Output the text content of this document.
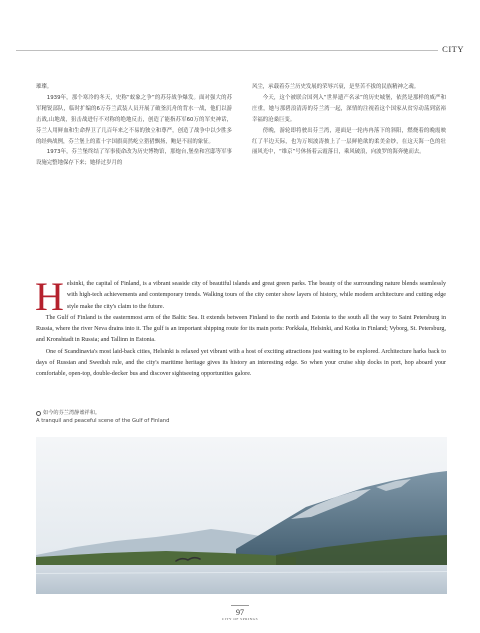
CITY

璀璨。

1939年，那个寒冷的冬天，史称“蚁象之争”的苏芬战争爆发。面对强大的苏军精锐部队，临时扩编的6万芬兰武装人员开展了破釜沉舟的背水一战，他们以游击战,山地战，狙击战进行不对称的绝地反击，创造了能指苏军60万的军史神话，芬兰人用鲜血和生命捍卫了几百年来之不易的独立和尊严，创造了战争中以少胜多的经典战例，芬兰堡上的蓝十字国旗高然屹立猎猎飘扬，鲍是不屈的象征。

1973年，芬兰堡终结了军事使命改为历史博物馆，那炮台,堡垒和宫邸等军事设施完整地保存下来；她择过岁月的

风尘，承载着芬兰历史发展的荣辱兴衰，是坚苦不拔的民族精神之魂。

今天，这个被联合国列入“世界遗产名录”的历史城堡，依然是那样的威严和庄重，她与那碧浪清涛的芬兰湾一起，深情的注视着这个国家从贫穷动荡到富裕幸福的沧桑巨变。

傍晚，游轮即将驶出芬兰湾，迎面是一轮冉冉落下的斜阳，燃烧着的晚霞映红了半边天际，也为万顷波涛披上了一层鲜艳欲的柔美金纱，在这天海一色的壮丽风光中，“维京”号休扬着云霞落日，乘风破浪，向波罗的海奔驰而去。

Helsinki, the capital of Finland, is a vibrant seaside city of beautiful islands and great green parks. The beauty of the surrounding nature blends seamlessly with high-tech achievements and contemporary trends. Walking tours of the city center show layers of history, while modern architecture and cutting edge style make the city's claim to the future.

The Gulf of Finland is the easternmost arm of the Baltic Sea. It extends between Finland to the north and Estonia to the south all the way to Saint Petersburg in Russia, where the river Neva drains into it. The gulf is an important shipping route for its main ports: Porkkala, Helsinki, and Kotka in Finland; Vyborg, St. Petersburg, and Kronshtadt in Russia; and Tallinn in Estonia.

One of Scandinavia's most laid-back cities, Helsinki is relaxed yet vibrant with a host of exciting attractions just waiting to be explored. Architecture harks back to days of Russian and Swedish rule, and the city's maritime heritage gives its history an interesting edge. So when your cruise ship docks in port, hop aboard your comfortable, open-top, double-decker bus and discover sightseeing opportunities galore.

如今的芬兰湾静谧祥和。
A tranquil and peaceful scene of the Gulf of Finland
97
CITY OF SPRINGS
